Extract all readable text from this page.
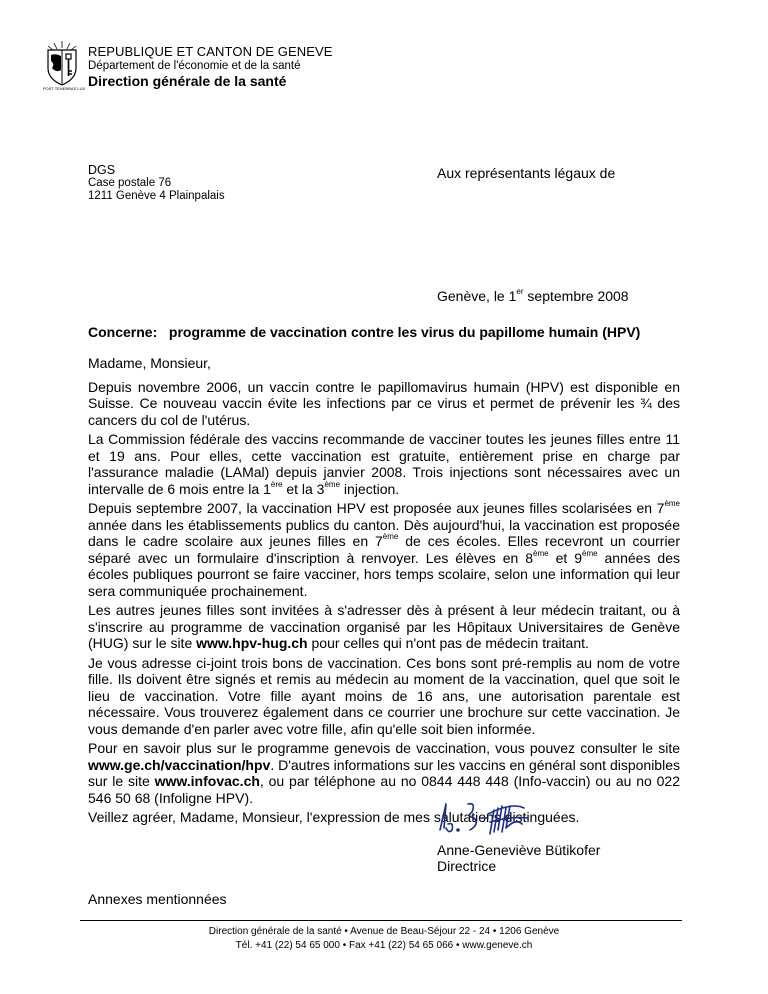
POST TENEBRAS LUX
REPUBLIQUE ET CANTON DE GENEVE
Département de l'économie et de la santé
Direction générale de la santé
DGS
Case postale 76
1211 Genève 4 Plainpalais
Aux représentants légaux de
Genève, le 1er septembre 2008
Concerne: programme de vaccination contre les virus du papillome humain (HPV)

Madame, Monsieur,

Depuis novembre 2006, un vaccin contre le papillomavirus humain (HPV) est disponible en Suisse. Ce nouveau vaccin évite les infections par ce virus et permet de prévenir les ¾ des cancers du col de l'utérus.

La Commission fédérale des vaccins recommande de vacciner toutes les jeunes filles entre 11 et 19 ans. Pour elles, cette vaccination est gratuite, entièrement prise en charge par l'assurance maladie (LAMal) depuis janvier 2008. Trois injections sont nécessaires avec un intervalle de 6 mois entre la 1ère et la 3ème injection.

Depuis septembre 2007, la vaccination HPV est proposée aux jeunes filles scolarisées en 7ème année dans les établissements publics du canton. Dès aujourd'hui, la vaccination est proposée dans le cadre scolaire aux jeunes filles en 7ème de ces écoles. Elles recevront un courrier séparé avec un formulaire d'inscription à renvoyer. Les élèves en 8ème et 9ème années des écoles publiques pourront se faire vacciner, hors temps scolaire, selon une information qui leur sera communiquée prochainement.

Les autres jeunes filles sont invitées à s'adresser dès à présent à leur médecin traitant, ou à s'inscrire au programme de vaccination organisé par les Hôpitaux Universitaires de Genève (HUG) sur le site www.hpv-hug.ch pour celles qui n'ont pas de médecin traitant.

Je vous adresse ci-joint trois bons de vaccination. Ces bons sont pré-remplis au nom de votre fille. Ils doivent être signés et remis au médecin au moment de la vaccination, quel que soit le lieu de vaccination. Votre fille ayant moins de 16 ans, une autorisation parentale est nécessaire. Vous trouverez également dans ce courrier une brochure sur cette vaccination. Je vous demande d'en parler avec votre fille, afin qu'elle soit bien informée.

Pour en savoir plus sur le programme genevois de vaccination, vous pouvez consulter le site www.ge.ch/vaccination/hpv. D'autres informations sur les vaccins en général sont disponibles sur le site www.infovac.ch, ou par téléphone au no 0844 448 448 (Info-vaccin) ou au no 022 546 50 68 (Infoligne HPV).

Veillez agréer, Madame, Monsieur, l'expression de mes salutations distinguées.

Anne-Geneviève Bütikofer
Directrice
Annexes mentionnées
Direction générale de la santé • Avenue de Beau-Séjour 22 - 24 • 1206 Genève
Tél. +41 (22) 54 65 000 • Fax +41 (22) 54 65 066 • www.geneve.ch
